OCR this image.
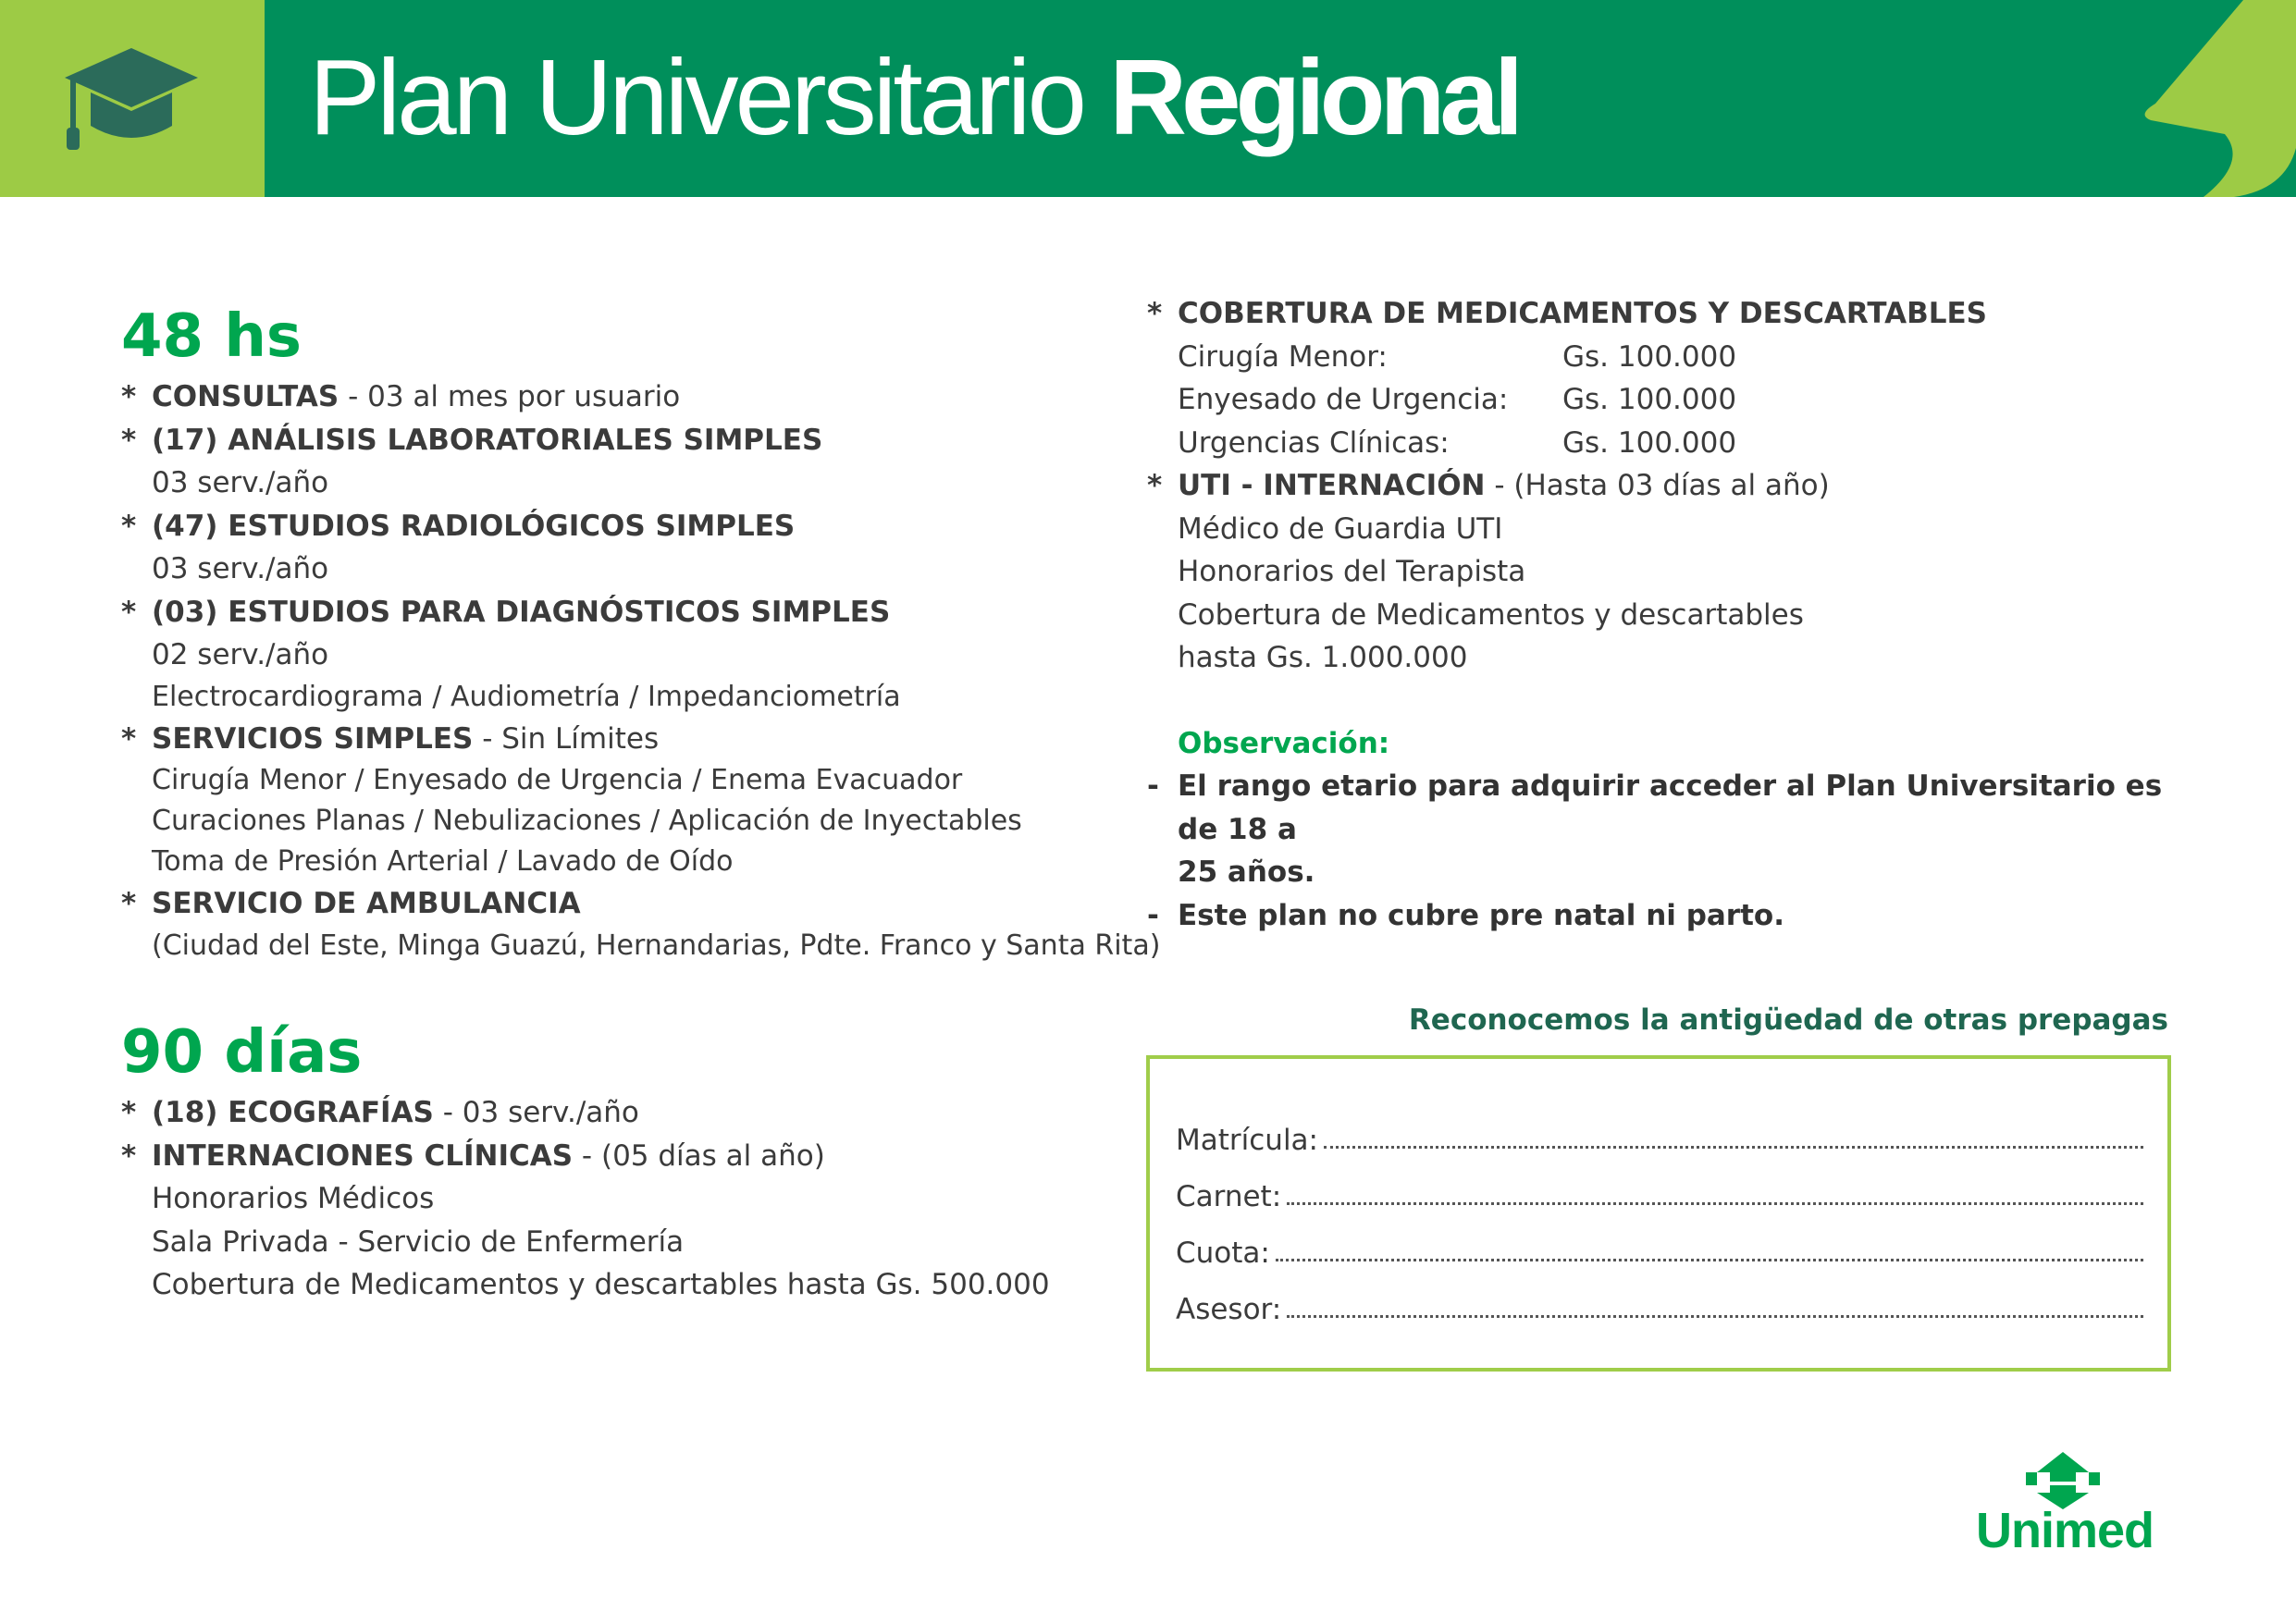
Plan Universitario Regional
48 hs
* CONSULTAS - 03 al mes por usuario
* (17) ANÁLISIS LABORATORIALES SIMPLES
03 serv./año
* (47) ESTUDIOS RADIOLÓGICOS SIMPLES
03 serv./año
* (03) ESTUDIOS PARA DIAGNÓSTICOS SIMPLES
02 serv./año
Electrocardiograma / Audiometría / Impedanciometría
* SERVICIOS SIMPLES - Sin Límites
Cirugía Menor / Enyesado de Urgencia / Enema Evacuador
Curaciones Planas / Nebulizaciones / Aplicación de Inyectables
Toma de Presión Arterial / Lavado de Oído
* SERVICIO DE AMBULANCIA
(Ciudad del Este, Minga Guazú, Hernandarias, Pdte. Franco y Santa Rita)
90 días
* (18) ECOGRAFÍAS - 03 serv./año
* INTERNACIONES CLÍNICAS - (05 días al año)
Honorarios Médicos
Sala Privada - Servicio de Enfermería
Cobertura de Medicamentos y descartables hasta Gs. 500.000
* COBERTURA DE MEDICAMENTOS Y DESCARTABLES
Cirugía Menor:	Gs. 100.000
Enyesado de Urgencia:	Gs. 100.000
Urgencias Clínicas:	Gs. 100.000
* UTI - INTERNACIÓN - (Hasta 03 días al año)
Médico de Guardia UTI
Honorarios del Terapista
Cobertura de Medicamentos y descartables
hasta Gs. 1.000.000
Observación:
- El rango etario para adquirir acceder al Plan Universitario es de 18 a
25 años.
- Este plan no cubre pre natal ni parto.
Reconocemos la antigüedad de otras prepagas
Matrícula:
Carnet:
Cuota:
Asesor:
Unimed
